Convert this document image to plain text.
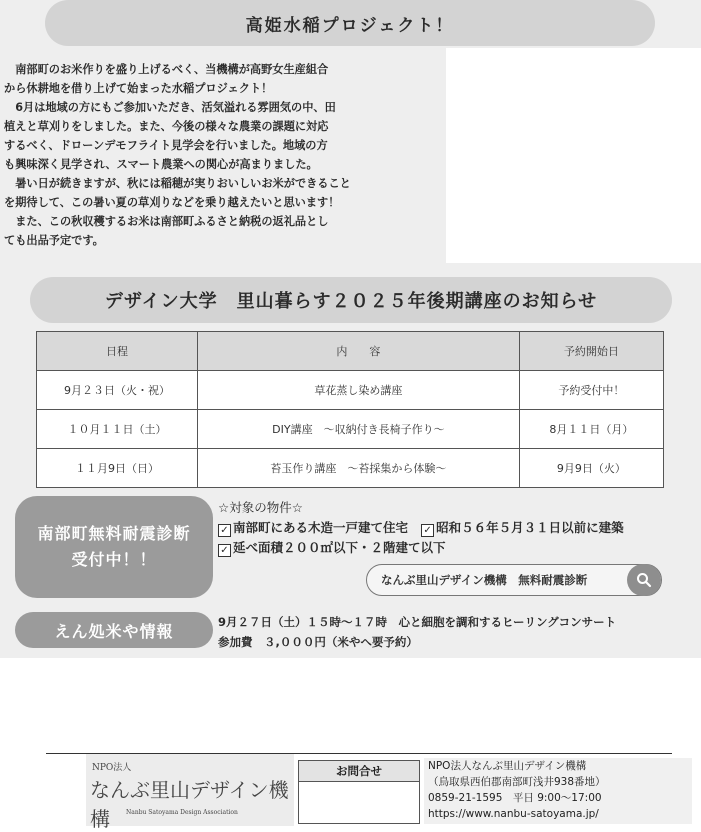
高姫水稲プロジェクト！
　南部町のお米作りを盛り上げるべく、当機構が高野女生産組合
から休耕地を借り上げて始まった水稲プロジェクト！
　6月は地域の方にもご参加いただき、活気溢れる雰囲気の中、田
植えと草刈りをしました。また、今後の様々な農業の課題に対応
するべく、ドローンデモフライト見学会を行いました。地域の方
も興味深く見学され、スマート農業への関心が高まりました。
　暑い日が続きますが、秋には稲穂が実りおいしいお米ができること
を期待して、この暑い夏の草刈りなどを乗り越えたいと思います！
　また、この秋収穫するお米は南部町ふるさと納税の返礼品とし
ても出品予定です。
デザイン大学　里山暮らす２０２５年後期講座のお知らせ
日程	内　　容	予約開始日
9月２３日（火・祝）	草花蒸し染め講座	予約受付中！
１０月１１日（土）	DIY講座　～収納付き長椅子作り～	8月１１日（月）
１１月9日（日）	苔玉作り講座　～苔採集から体験～	9月9日（火）
南部町無料耐震診断
受付中！！
☆対象の物件☆
✓ 南部町にある木造一戸建て住宅 ✓ 昭和５６年５月３１日以前に建築
✓ 延べ面積２００㎡以下・２階建て以下
なんぶ里山デザイン機構　無料耐震診断
えん処米や情報	9月２７日（土）１５時～１７時　心と細胞を調和するヒーリングコンサート
参加費　３,０００円（米やへ要予約）
NPO法人
なんぶ里山デザイン機構	Nanbu Satoyama Design Association
お問合せ	NPO法人なんぶ里山デザイン機構
（鳥取県西伯郡南部町浅井938番地）
0859-21-1595　平日 9:00～17:00
https://www.nanbu-satoyama.jp/
